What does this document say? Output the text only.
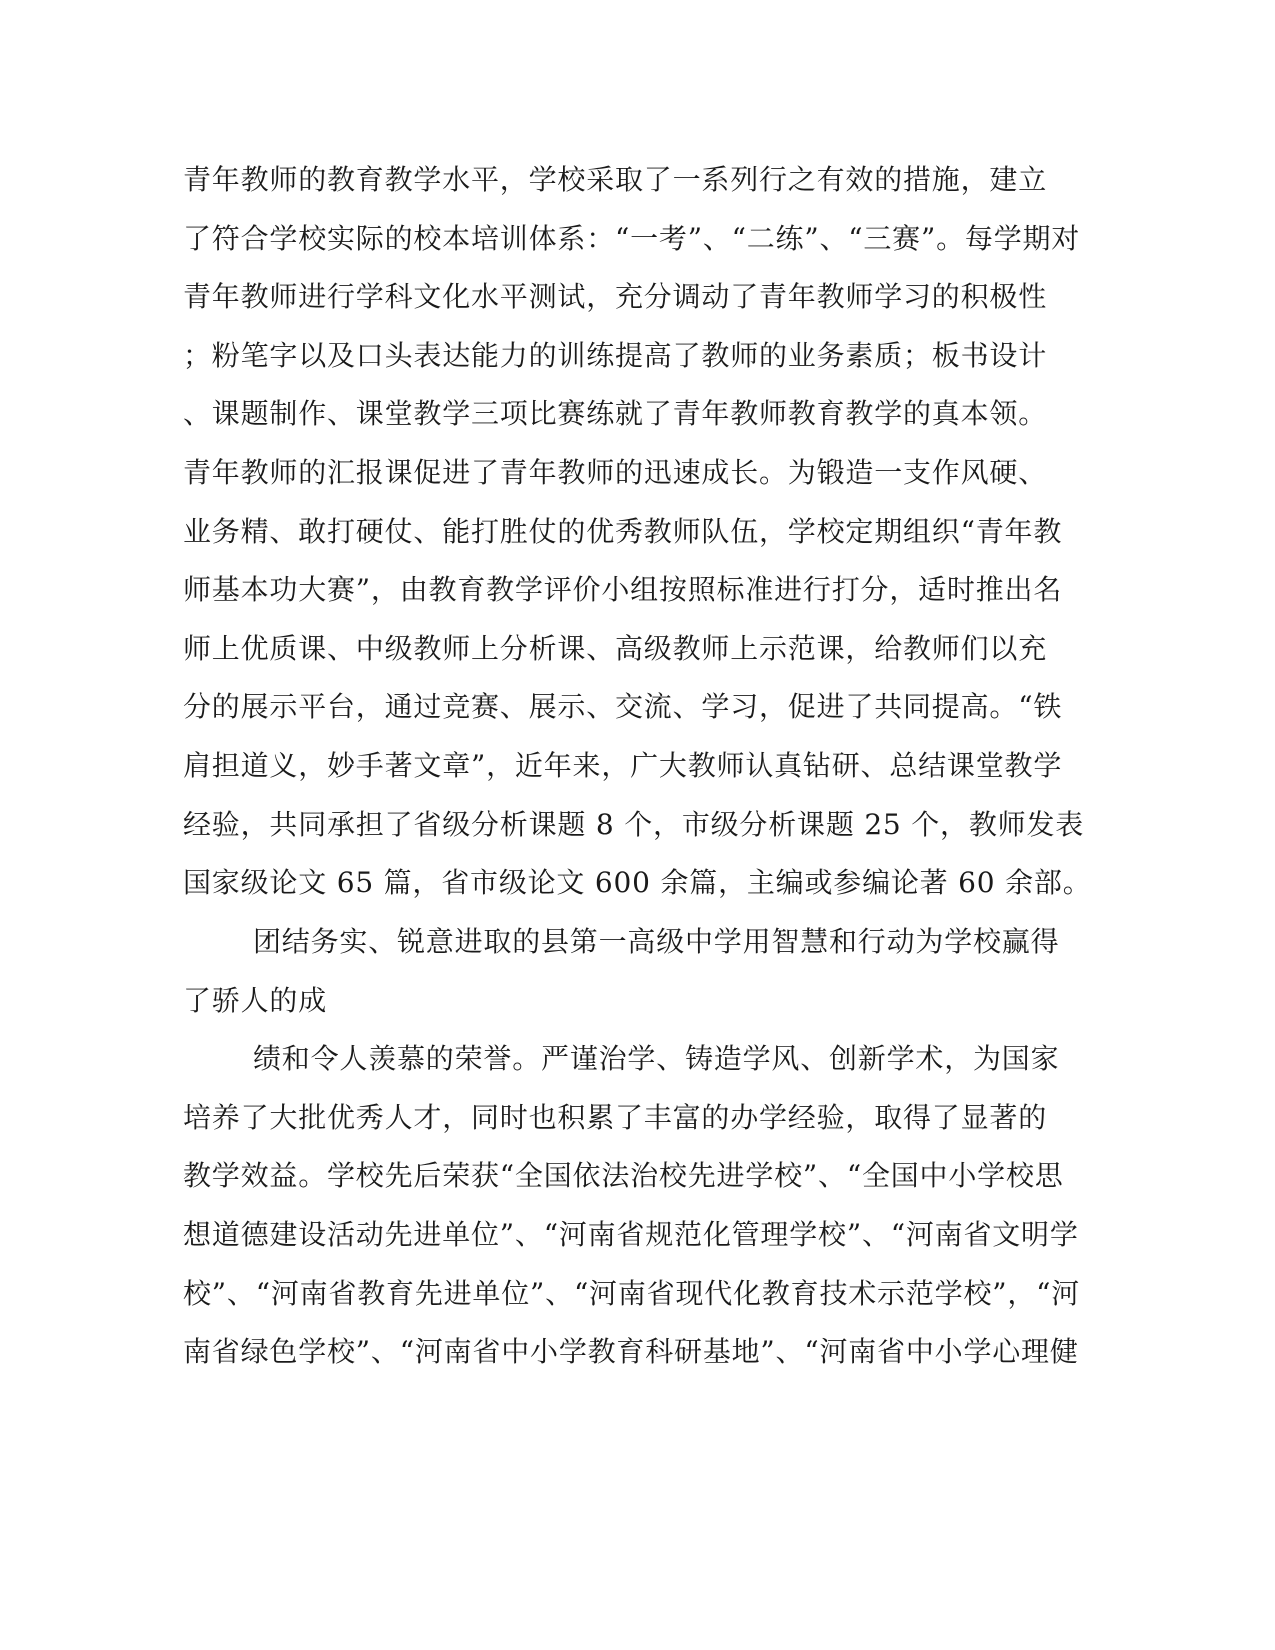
青年教师的教育教学水平，学校采取了一系列行之有效的措施，建立
了符合学校实际的校本培训体系：“一考”、“二练”、“三赛”。每学期对
青年教师进行学科文化水平测试，充分调动了青年教师学习的积极性
；粉笔字以及口头表达能力的训练提高了教师的业务素质；板书设计
、课题制作、课堂教学三项比赛练就了青年教师教育教学的真本领。
青年教师的汇报课促进了青年教师的迅速成长。为锻造一支作风硬、
业务精、敢打硬仗、能打胜仗的优秀教师队伍，学校定期组织“青年教
师基本功大赛”，由教育教学评价小组按照标准进行打分，适时推出名
师上优质课、中级教师上分析课、高级教师上示范课，给教师们以充
分的展示平台，通过竞赛、展示、交流、学习，促进了共同提高。“铁
肩担道义，妙手著文章”，近年来，广大教师认真钻研、总结课堂教学
经验，共同承担了省级分析课题 8 个，市级分析课题 25 个，教师发表
国家级论文 65 篇，省市级论文 600 余篇，主编或参编论著 60 余部。
团结务实、锐意进取的县第一高级中学用智慧和行动为学校赢得
了骄人的成
绩和令人羡慕的荣誉。严谨治学、铸造学风、创新学术，为国家
培养了大批优秀人才，同时也积累了丰富的办学经验，取得了显著的
教学效益。学校先后荣获“全国依法治校先进学校”、“全国中小学校思
想道德建设活动先进单位”、“河南省规范化管理学校”、“河南省文明学
校”、“河南省教育先进单位”、“河南省现代化教育技术示范学校”，“河
南省绿色学校”、“河南省中小学教育科研基地”、“河南省中小学心理健
